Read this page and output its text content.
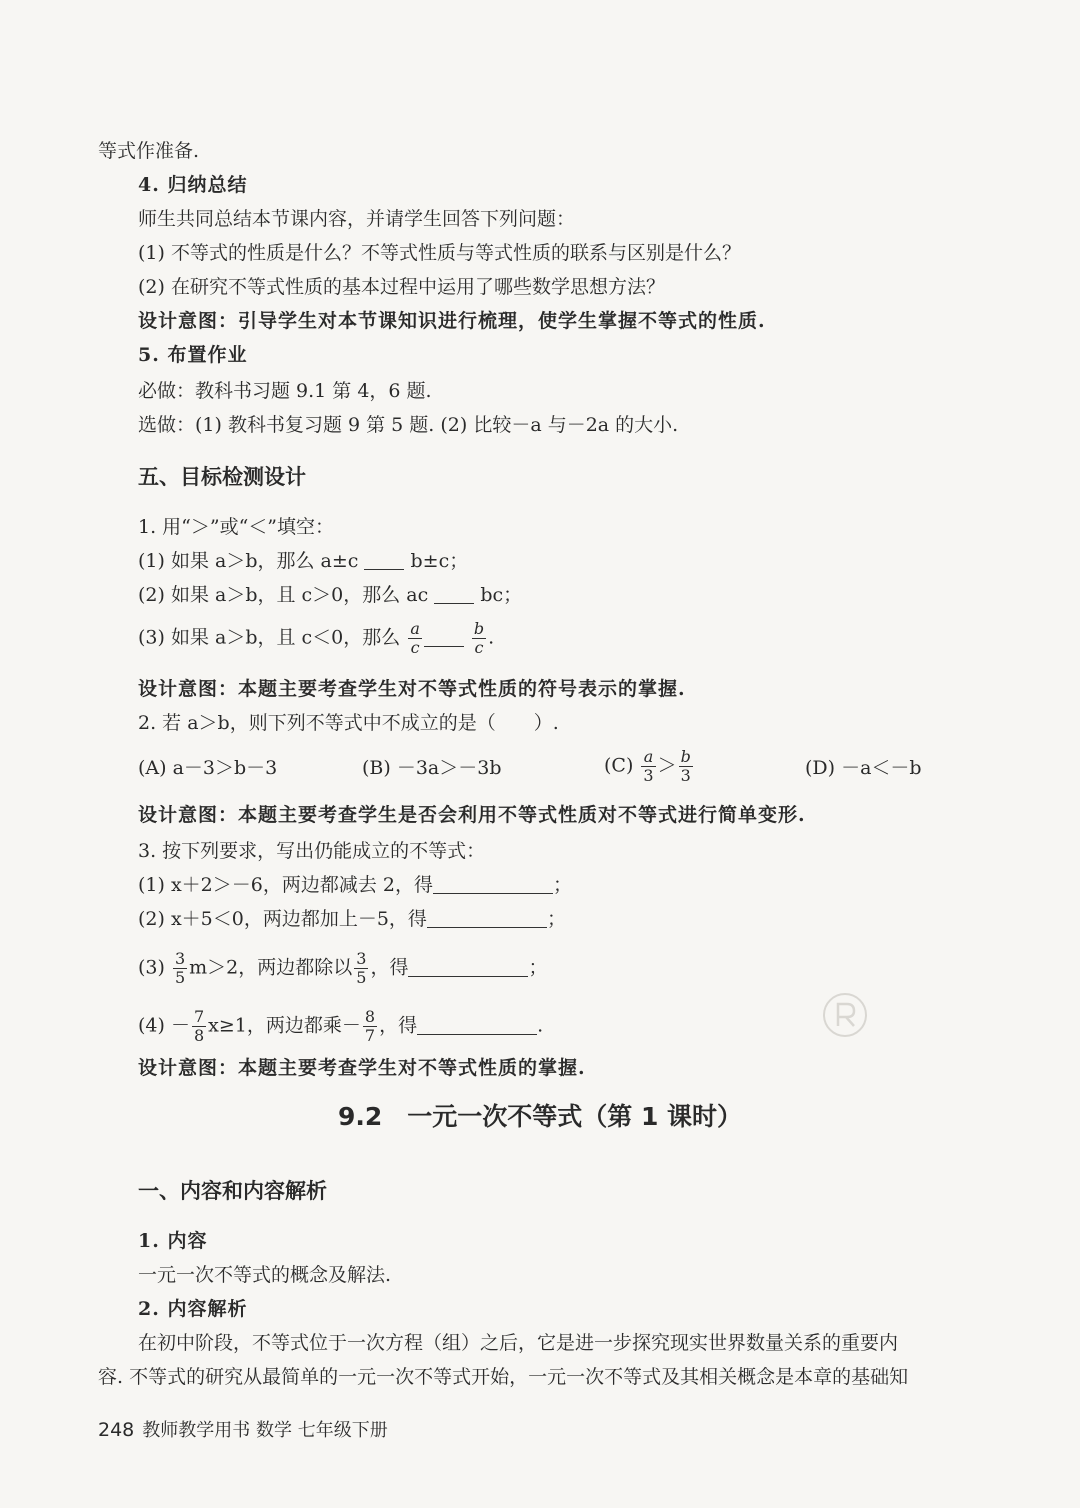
等式作准备.
4. 归纳总结
师生共同总结本节课内容，并请学生回答下列问题：
(1) 不等式的性质是什么？不等式性质与等式性质的联系与区别是什么？
(2) 在研究不等式性质的基本过程中运用了哪些数学思想方法？
设计意图：引导学生对本节课知识进行梳理，使学生掌握不等式的性质.
5. 布置作业
必做：教科书习题 9.1 第 4，6 题.
选做：(1) 教科书复习题 9 第 5 题. (2) 比较－a 与－2a 的大小.
五、目标检测设计
1. 用“＞”或“＜”填空：
(1) 如果 a＞b，那么 a±c  b±c；
(2) 如果 a＞b，且 c＞0，那么 ac  bc；
(3) 如果 a＞b，且 c＜0，那么 $\frac{a}{c}$
	$\frac{b}{c}$ .
设计意图：本题主要考查学生对不等式性质的符号表示的掌握.
2. 若 a＞b，则下列不等式中不成立的是（　　）.
(A) a－3＞b－3	(B) －3a＞－3b	$(C) \frac{a}{3} > \frac{b}{3}$	(D) －a＜－b
设计意图：本题主要考查学生是否会利用不等式性质对不等式进行简单变形.
3. 按下列要求，写出仍能成立的不等式：
(1) x＋2＞－6，两边都减去 2，得	；
(2) x＋5＜0，两边都加上－5，得	；
$(3) \frac{3}{5} m>2$，两边都除以 $\frac{3}{5}$ ，得	；
$(4) - \frac{7}{8} x\ge 1$，两边都乘－ $\frac{8}{7}$ ，得	.
设计意图：本题主要考查学生对不等式性质的掌握.
9.2　一元一次不等式（第 1 课时）
一、内容和内容解析
1. 内容
一元一次不等式的概念及解法.
2. 内容解析
在初中阶段，不等式位于一次方程（组）之后，它是进一步探究现实世界数量关系的重要内
容. 不等式的研究从最简单的一元一次不等式开始，一元一次不等式及其相关概念是本章的基础知
248 教师教学用书 数学 七年级下册
